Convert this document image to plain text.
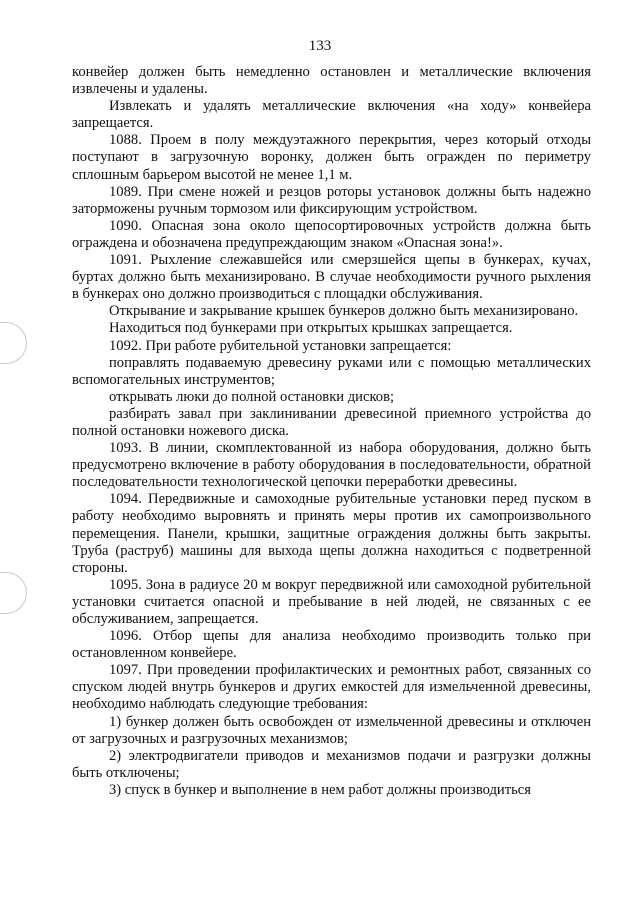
133

конвейер должен быть немедленно остановлен и металлические включения извлечены и удалены.

Извлекать и удалять металлические включения «на ходу» конвейера запрещается.

1088. Проем в полу междуэтажного перекрытия, через который отходы поступают в загрузочную воронку, должен быть огражден по периметру сплошным барьером высотой не менее 1,1 м.

1089. При смене ножей и резцов роторы установок должны быть надежно заторможены ручным тормозом или фиксирующим устройством.

1090. Опасная зона около щепосортировочных устройств должна быть ограждена и обозначена предупреждающим знаком «Опасная зона!».

1091. Рыхление слежавшейся или смерзшейся щепы в бункерах, кучах, буртах должно быть механизировано. В случае необходимости ручного рыхления в бункерах оно должно производиться с площадки обслуживания.

Открывание и закрывание крышек бункеров должно быть механизировано.

Находиться под бункерами при открытых крышках запрещается.

1092. При работе рубительной установки запрещается:

поправлять подаваемую древесину руками или с помощью металлических вспомогательных инструментов;

открывать люки до полной остановки дисков;

разбирать завал при заклинивании древесиной приемного устройства до полной остановки ножевого диска.

1093. В линии, скомплектованной из набора оборудования, должно быть предусмотрено включение в работу оборудования в последовательности, обратной последовательности технологической цепочки переработки древесины.

1094. Передвижные и самоходные рубительные установки перед пуском в работу необходимо выровнять и принять меры против их самопроизвольного перемещения. Панели, крышки, защитные ограждения должны быть закрыты. Труба (раструб) машины для выхода щепы должна находиться с подветренной стороны.

1095. Зона в радиусе 20 м вокруг передвижной или самоходной рубительной установки считается опасной и пребывание в ней людей, не связанных с ее обслуживанием, запрещается.

1096. Отбор щепы для анализа необходимо производить только при остановленном конвейере.

1097. При проведении профилактических и ремонтных работ, связанных со спуском людей внутрь бункеров и других емкостей для измельченной древесины, необходимо наблюдать следующие требования:

1) бункер должен быть освобожден от измельченной древесины и отключен от загрузочных и разгрузочных механизмов;

2) электродвигатели приводов и механизмов подачи и разгрузки должны быть отключены;

3) спуск в бункер и выполнение в нем работ должны производиться
